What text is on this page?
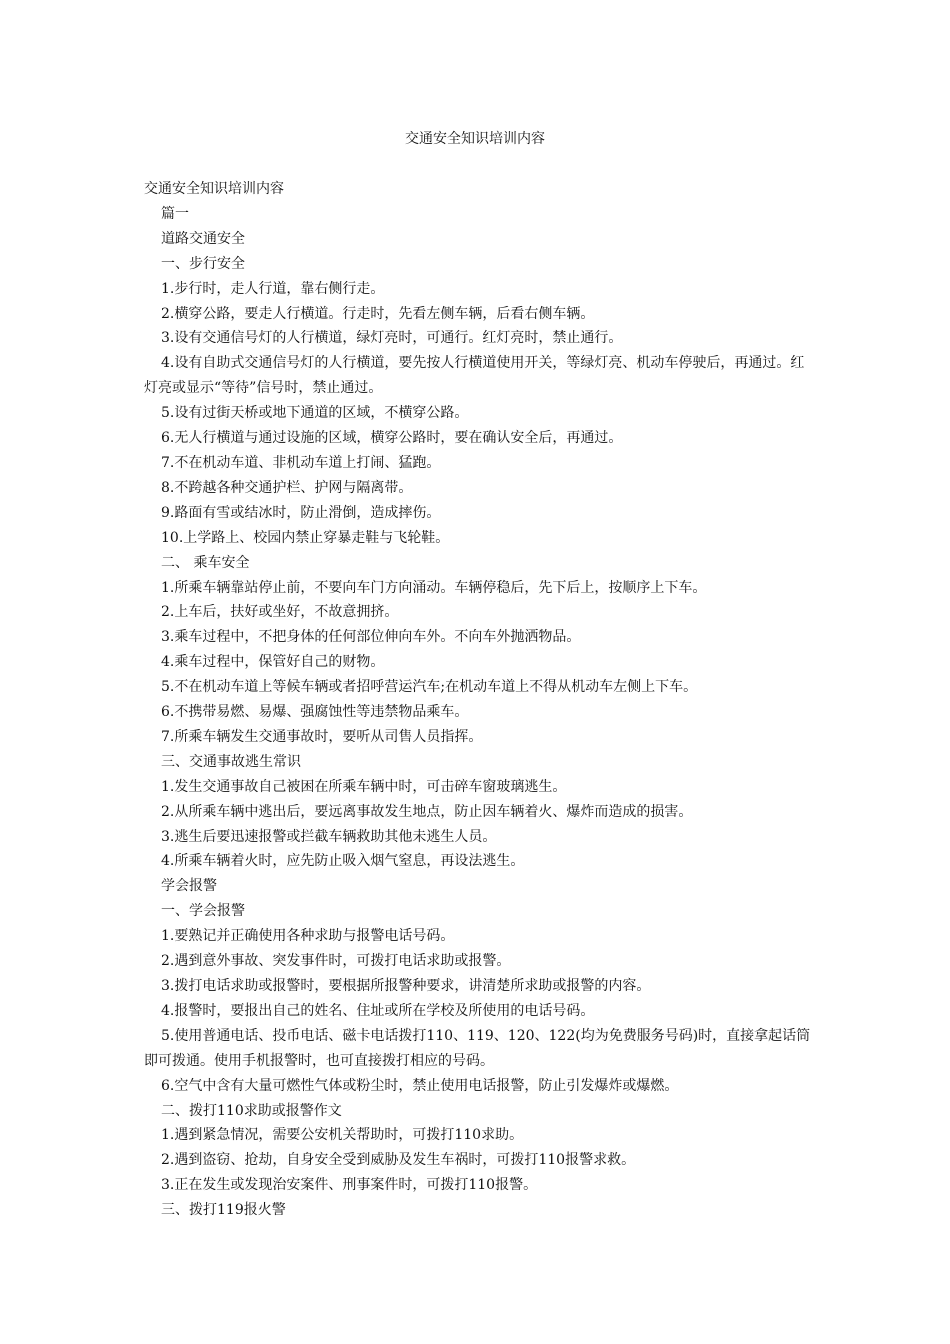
交通安全知识培训内容
交通安全知识培训内容
篇一
道路交通安全
一、步行安全
1.步行时，走人行道，靠右侧行走。
2.横穿公路，要走人行横道。行走时，先看左侧车辆，后看右侧车辆。
3.设有交通信号灯的人行横道，绿灯亮时，可通行。红灯亮时，禁止通行。
4.设有自助式交通信号灯的人行横道，要先按人行横道使用开关，等绿灯亮、机动车停驶后，再通过。红灯亮或显示“等待”信号时，禁止通过。
5.设有过街天桥或地下通道的区域，不横穿公路。
6.无人行横道与通过设施的区域，横穿公路时，要在确认安全后，再通过。
7.不在机动车道、非机动车道上打闹、猛跑。
8.不跨越各种交通护栏、护网与隔离带。
9.路面有雪或结冰时，防止滑倒，造成摔伤。
10.上学路上、校园内禁止穿暴走鞋与飞轮鞋。
二、 乘车安全
1.所乘车辆靠站停止前，不要向车门方向涌动。车辆停稳后，先下后上，按顺序上下车。
2.上车后，扶好或坐好，不故意拥挤。
3.乘车过程中，不把身体的任何部位伸向车外。不向车外抛洒物品。
4.乘车过程中，保管好自己的财物。
5.不在机动车道上等候车辆或者招呼营运汽车;在机动车道上不得从机动车左侧上下车。
6.不携带易燃、易爆、强腐蚀性等违禁物品乘车。
7.所乘车辆发生交通事故时，要听从司售人员指挥。
三、交通事故逃生常识
1.发生交通事故自己被困在所乘车辆中时，可击碎车窗玻璃逃生。
2.从所乘车辆中逃出后，要远离事故发生地点，防止因车辆着火、爆炸而造成的损害。
3.逃生后要迅速报警或拦截车辆救助其他未逃生人员。
4.所乘车辆着火时，应先防止吸入烟气窒息，再设法逃生。
学会报警
一、学会报警
1.要熟记并正确使用各种求助与报警电话号码。
2.遇到意外事故、突发事件时，可拨打电话求助或报警。
3.拨打电话求助或报警时，要根据所报警种要求，讲清楚所求助或报警的内容。
4.报警时，要报出自己的姓名、住址或所在学校及所使用的电话号码。
5.使用普通电话、投币电话、磁卡电话拨打110、119、120、122(均为免费服务号码)时，直接拿起话筒即可拨通。使用手机报警时，也可直接拨打相应的号码。
6.空气中含有大量可燃性气体或粉尘时，禁止使用电话报警，防止引发爆炸或爆燃。
二、拨打110求助或报警作文
1.遇到紧急情况，需要公安机关帮助时，可拨打110求助。
2.遇到盗窃、抢劫，自身安全受到威胁及发生车祸时，可拨打110报警求救。
3.正在发生或发现治安案件、刑事案件时，可拨打110报警。
三、拨打119报火警
